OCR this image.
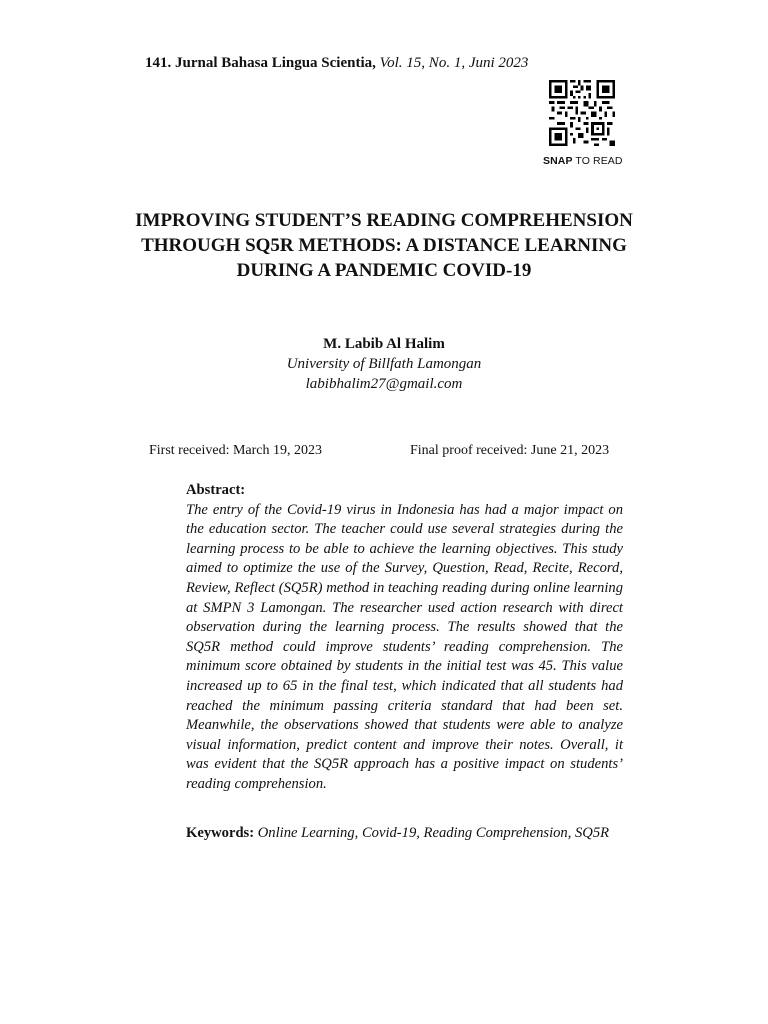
141. Jurnal Bahasa Lingua Scientia, Vol. 15, No. 1, Juni 2023
SNAP TO READ
IMPROVING STUDENT’S READING COMPREHENSION THROUGH SQ5R METHODS: A DISTANCE LEARNING DURING A PANDEMIC COVID-19
M. Labib Al Halim
University of Billfath Lamongan
labibhalim27@gmail.com
First received: March 19, 2023	Final proof received: June 21, 2023
Abstract:
The entry of the Covid-19 virus in Indonesia has had a major impact on the education sector. The teacher could use several strategies during the learning process to be able to achieve the learning objectives. This study aimed to optimize the use of the Survey, Question, Read, Recite, Record, Review, Reflect (SQ5R) method in teaching reading during online learning at SMPN 3 Lamongan. The researcher used action research with direct observation during the learning process. The results showed that the SQ5R method could improve students’ reading comprehension. The minimum score obtained by students in the initial test was 45. This value increased up to 65 in the final test, which indicated that all students had reached the minimum passing criteria standard that had been set. Meanwhile, the observations showed that students were able to analyze visual information, predict content and improve their notes. Overall, it was evident that the SQ5R approach has a positive impact on students’ reading comprehension.
Keywords: Online Learning, Covid-19, Reading Comprehension, SQ5R
